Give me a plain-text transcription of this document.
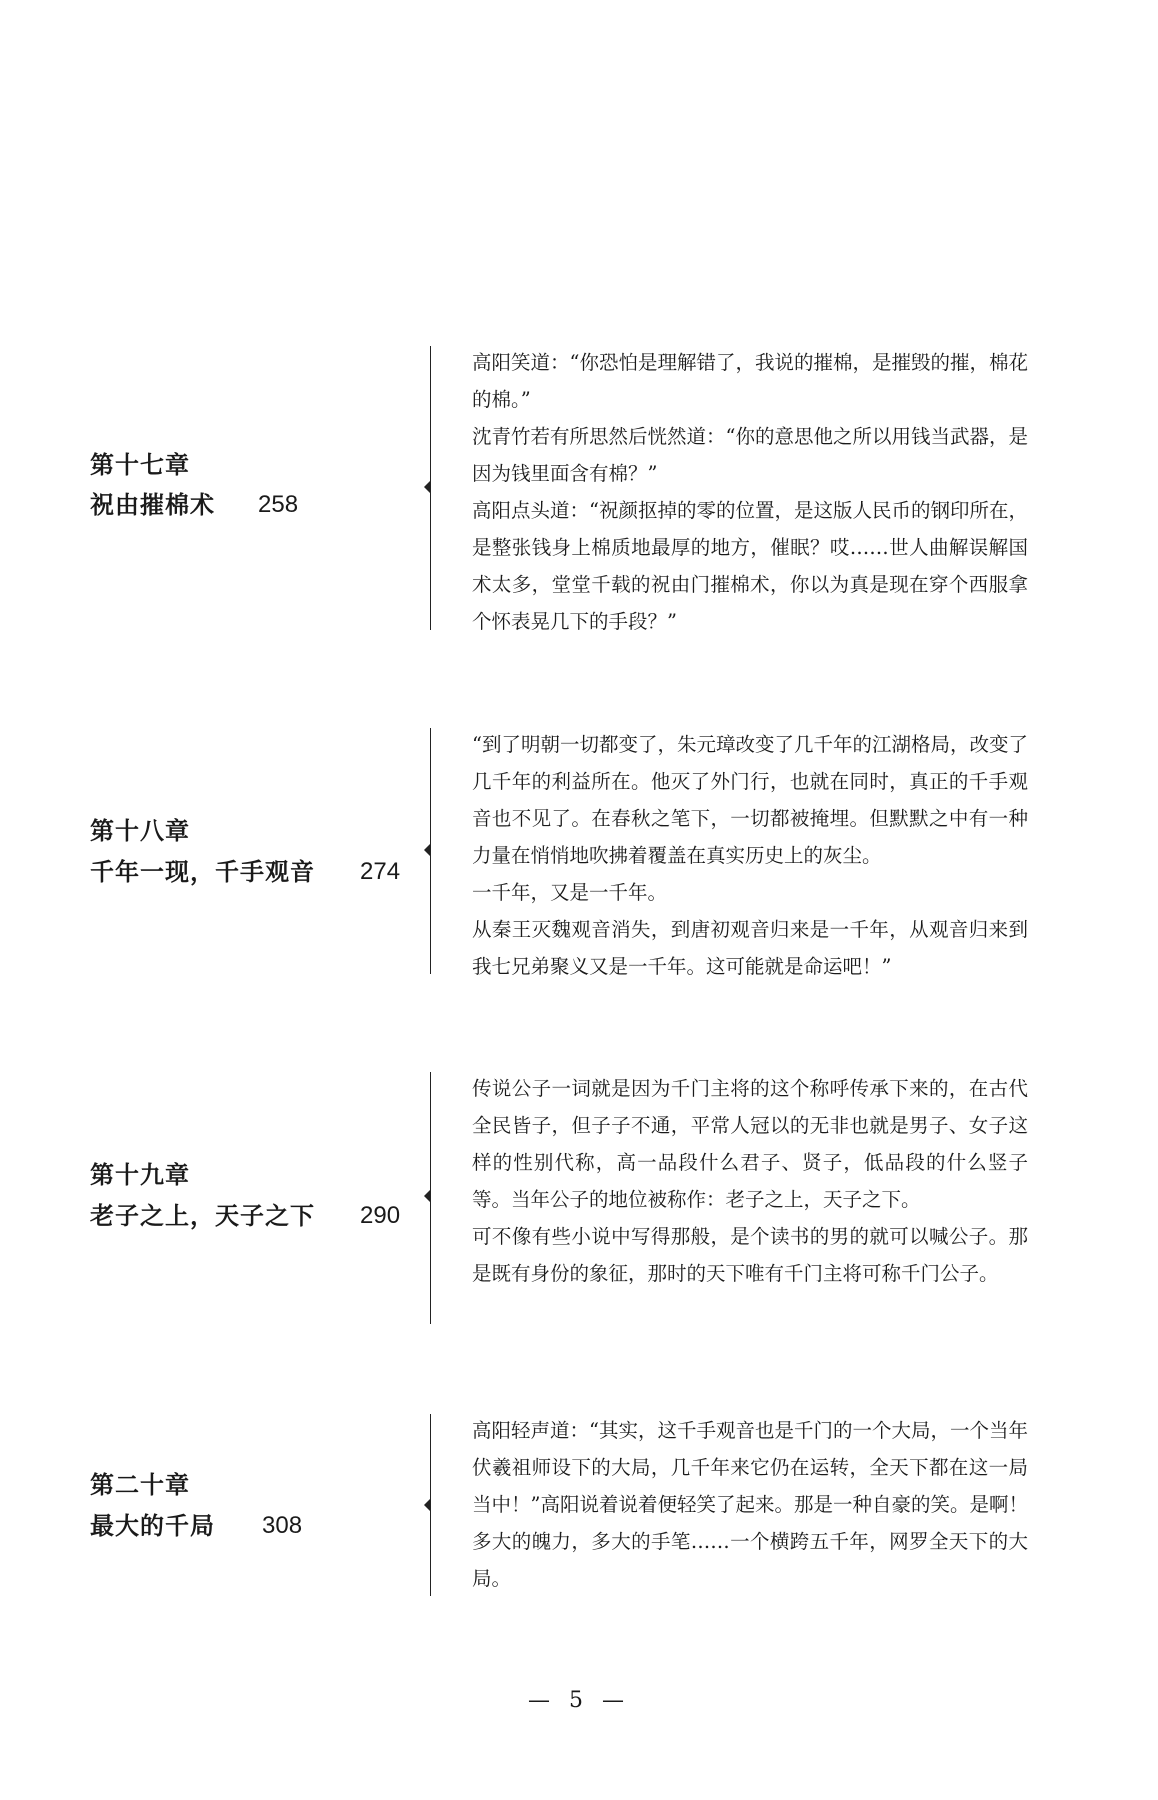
第十七章
祝由摧棉术 258

高阳笑道：“你恐怕是理解错了，我说的摧棉，是摧毁的摧，棉花的棉。”

沈青竹若有所思然后恍然道：“你的意思他之所以用钱当武器，是因为钱里面含有棉？”

高阳点头道：“祝颜抠掉的零的位置，是这版人民币的钢印所在，是整张钱身上棉质地最厚的地方，催眠？哎……世人曲解误解国术太多，堂堂千载的祝由门摧棉术，你以为真是现在穿个西服拿个怀表晃几下的手段？”

第十八章
千年一现，千手观音 274

“到了明朝一切都变了，朱元璋改变了几千年的江湖格局，改变了几千年的利益所在。他灭了外门行，也就在同时，真正的千手观音也不见了。在春秋之笔下，一切都被掩埋。但默默之中有一种力量在悄悄地吹拂着覆盖在真实历史上的灰尘。

一千年，又是一千年。

从秦王灭魏观音消失，到唐初观音归来是一千年，从观音归来到我七兄弟聚义又是一千年。这可能就是命运吧！”

第十九章
老子之上，天子之下 290

传说公子一词就是因为千门主将的这个称呼传承下来的，在古代全民皆子，但子子不通，平常人冠以的无非也就是男子、女子这样的性别代称，高一品段什么君子、贤子，低品段的什么竖子等。当年公子的地位被称作：老子之上，天子之下。

可不像有些小说中写得那般，是个读书的男的就可以喊公子。那是既有身份的象征，那时的天下唯有千门主将可称千门公子。

第二十章
最大的千局 308

高阳轻声道：“其实，这千手观音也是千门的一个大局，一个当年伏羲祖师设下的大局，几千年来它仍在运转，全天下都在这一局当中！”高阳说着说着便轻笑了起来。那是一种自豪的笑。是啊！多大的魄力，多大的手笔……一个横跨五千年，网罗全天下的大局。

— 5 —
